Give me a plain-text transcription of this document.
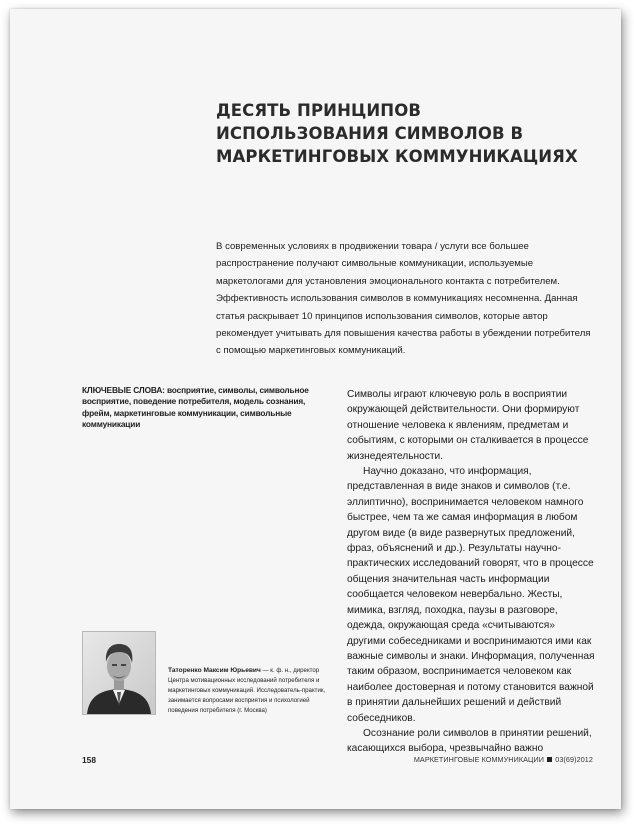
ДЕСЯТЬ ПРИНЦИПОВ ИСПОЛЬЗОВАНИЯ СИМВОЛОВ В МАРКЕТИНГОВЫХ КОММУНИКАЦИЯХ

В современных условиях в продвижении товара / услуги все большее распространение получают символьные коммуникации, используемые маркетологами для установления эмоционального контакта с потребителем. Эффективность использования символов в коммуникациях несомненна. Данная статья раскрывает 10 принципов использования символов, которые автор рекомендует учитывать для повышения качества работы в убеждении потребителя с помощью маркетинговых коммуникаций.

КЛЮЧЕВЫЕ СЛОВА: восприятие, символы, символьное восприятие, поведение потребителя, модель сознания, фрейм, маркетинговые коммуникации, символьные коммуникации

Символы играют ключевую роль в восприятии окружающей действительности. Они формируют отношение человека к явлениям, предметам и событиям, с которыми он сталкивается в процессе жизнедеятельности.

Научно доказано, что информация, представленная в виде знаков и символов (т.е. эллиптично), воспринимается человеком намного быстрее, чем та же самая информация в любом другом виде (в виде развернутых предложений, фраз, объяснений и др.). Результаты научно-практических исследований говорят, что в процессе общения значительная часть информации сообщается человеком невербально. Жесты, мимика, взгляд, походка, паузы в разговоре, одежда, окружающая среда «считываются» другими собеседниками и воспринимаются ими как важные символы и знаки. Информация, полученная таким образом, воспринимается человеком как наиболее достоверная и потому становится важной в принятии дальнейших решений и действий собеседников.

Осознание роли символов в принятии решений, касающихся выбора, чрезвычайно важно

Таторенко Максим Юрьевич — к. ф. н., директор Центра мотивационных исследований потребителя и маркетинговых коммуникаций. Исследователь-практик, занимается вопросами восприятия и психологией поведения потребителя (г. Москва)

158	МАРКЕТИНГОВЫЕ КОММУНИКАЦИИ 03(69)2012
